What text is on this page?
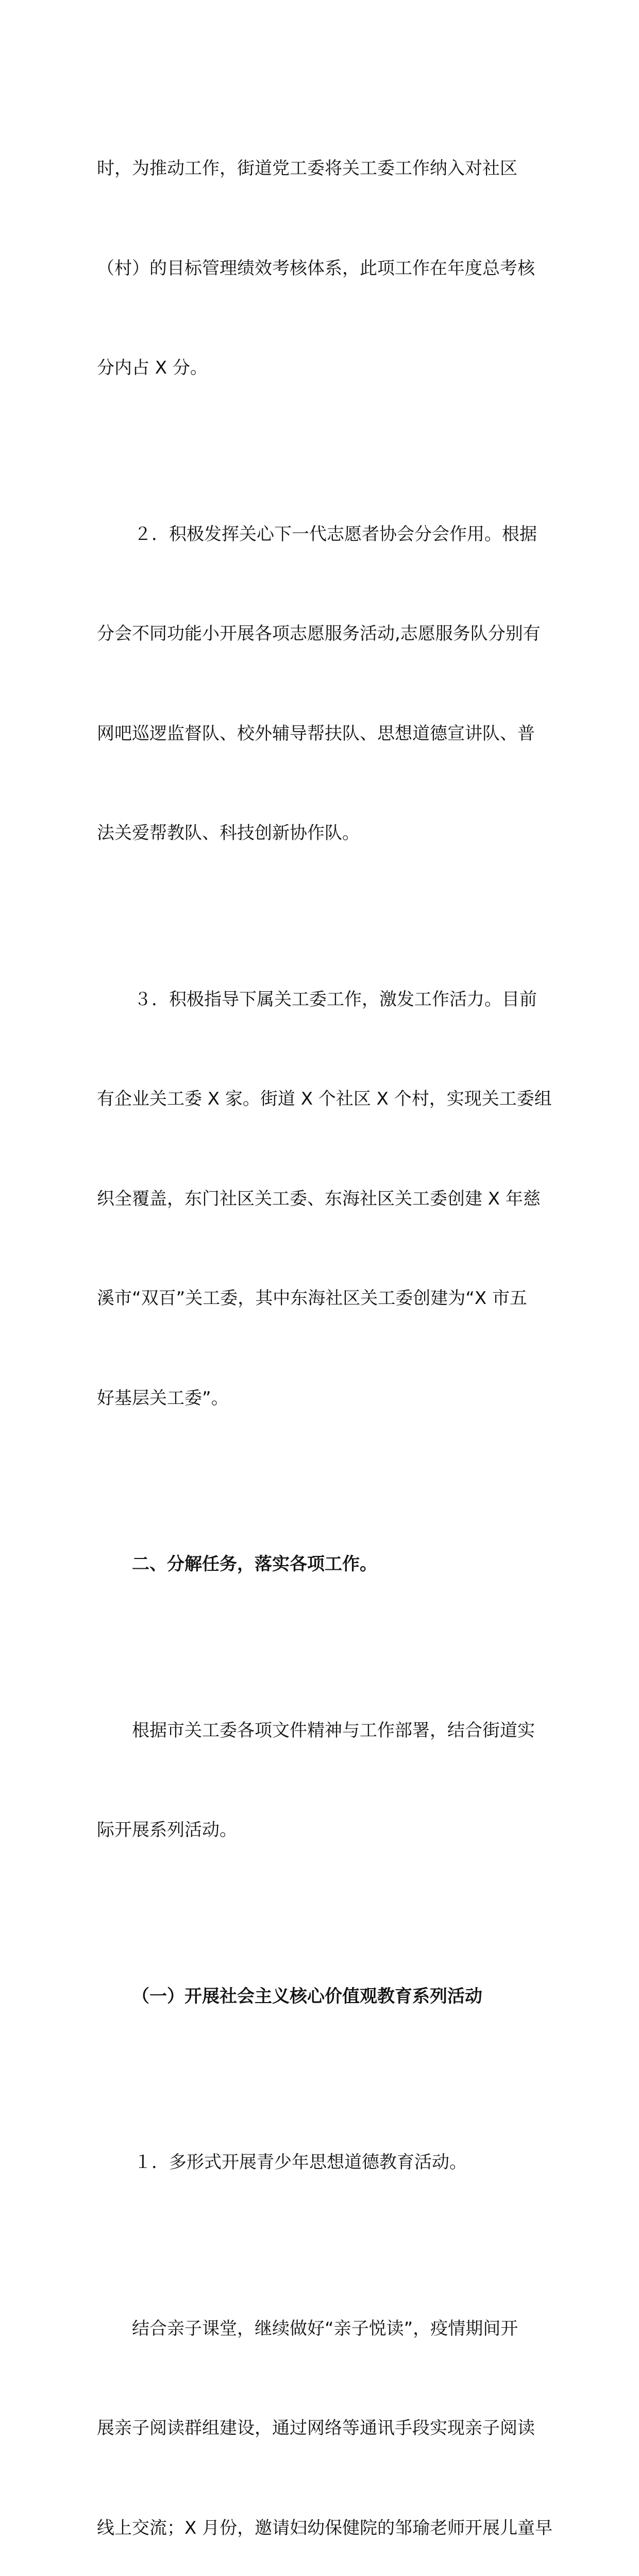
时，为推动工作，街道党工委将关工委工作纳入对社区

（村）的目标管理绩效考核体系，此项工作在年度总考核

分内占 X 分。

２．积极发挥关心下一代志愿者协会分会作用。根据

分会不同功能小开展各项志愿服务活动,志愿服务队分别有

网吧巡逻监督队、校外辅导帮扶队、思想道德宣讲队、普

法关爱帮教队、科技创新协作队。

３．积极指导下属关工委工作，激发工作活力。目前

有企业关工委 X 家。街道 X 个社区 X 个村，实现关工委组

织全覆盖，东门社区关工委、东海社区关工委创建 X 年慈

溪市“双百”关工委，其中东海社区关工委创建为“X 市五

好基层关工委”。

二、分解任务，落实各项工作。

根据市关工委各项文件精神与工作部署，结合街道实

际开展系列活动。

（一）开展社会主义核心价值观教育系列活动

１．多形式开展青少年思想道德教育活动。

结合亲子课堂，继续做好“亲子悦读”，疫情期间开

展亲子阅读群组建设，通过网络等通讯手段实现亲子阅读

线上交流；X 月份，邀请妇幼保健院的邹瑜老师开展儿童早
